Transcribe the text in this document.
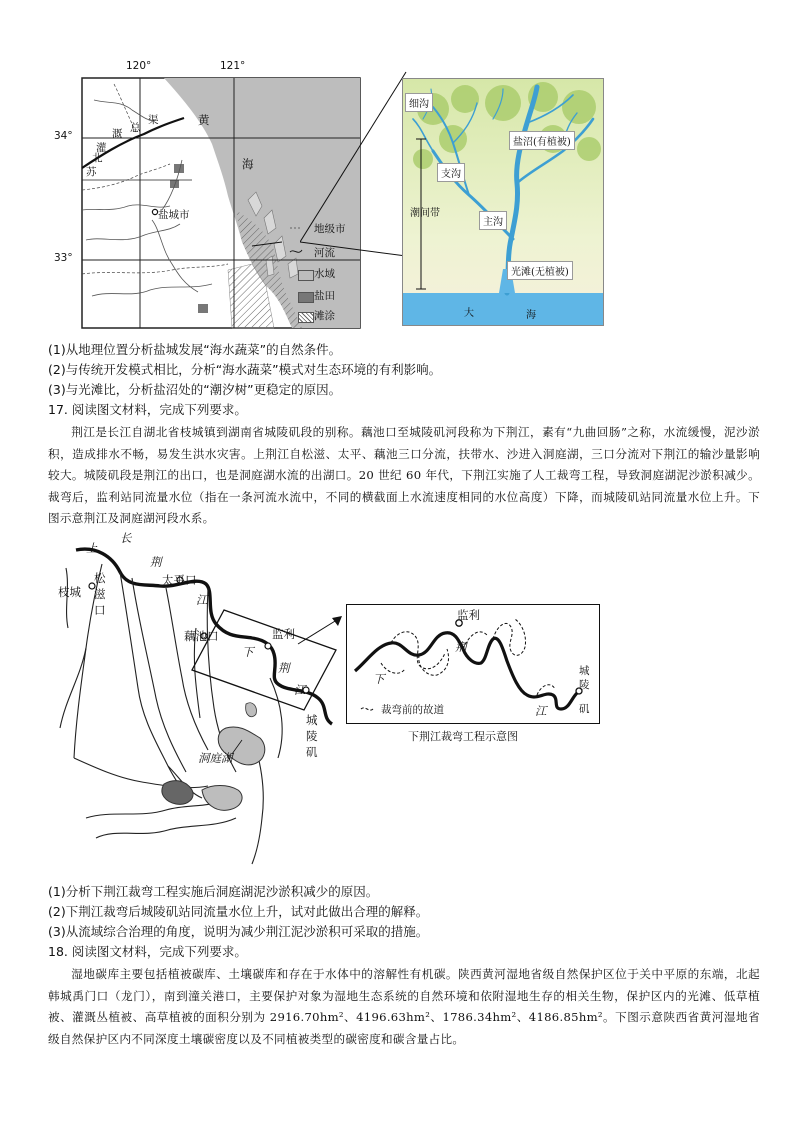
120°	121°
34°
33°
黄
海
渠
总
灌
溉
北
苏
盐城市
地级市
河流
水域
盐田
滩涂
细沟
盐沼(有植被)
支沟
潮间带
主沟
光滩(无植被)
大	海
(1)从地理位置分析盐城发展“海水蔬菜”的自然条件。
(2)与传统开发模式相比，分析“海水蔬菜”模式对生态环境的有利影响。
(3)与光滩比，分析盐沼处的“潮汐树”更稳定的原因。
17. 阅读图文材料，完成下列要求。
荆江是长江自湖北省枝城镇到湖南省城陵矶段的别称。藕池口至城陵矶河段称为下荆江，素有“九曲回肠”之称，水流缓慢，泥沙淤积，造成排水不畅，易发生洪水灾害。上荆江自松滋、太平、藕池三口分流，扶带水、沙进入洞庭湖，三口分流对下荆江的输沙量影响较大。城陵矶段是荆江的出口，也是洞庭湖水流的出湖口。20 世纪 60 年代，下荆江实施了人工裁弯工程，导致洞庭湖泥沙淤积减少。裁弯后，监利站同流量水位（指在一条河流水流中，不同的横截面上水流速度相同的水位高度）下降，而城陵矶站同流量水位上升。下图示意荆江及洞庭湖河段水系。
上
长
荆
江
枝城
松
滋
口
太平口
藕池口	监利
下
荆
江
城
陵
矶
洞庭湖
监利
下
荆
江
城
陵
矶
裁弯前的故道
下荆江裁弯工程示意图
(1)分析下荆江裁弯工程实施后洞庭湖泥沙淤积减少的原因。
(2)下荆江裁弯后城陵矶站同流量水位上升，试对此做出合理的解释。
(3)从流域综合治理的角度，说明为减少荆江泥沙淤积可采取的措施。
18. 阅读图文材料，完成下列要求。
湿地碳库主要包括植被碳库、土壤碳库和存在于水体中的溶解性有机碳。陕西黄河湿地省级自然保护区位于关中平原的东端，北起韩城禹门口（龙门），南到潼关港口，主要保护对象为湿地生态系统的自然环境和依附湿地生存的相关生物，保护区内的光滩、低草植被、灌溉丛植被、高草植被的面积分别为 2916.70hm²、4196.63hm²、1786.34hm²、4186.85hm²。下图示意陕西省黄河湿地省级自然保护区内不同深度土壤碳密度以及不同植被类型的碳密度和碳含量占比。
